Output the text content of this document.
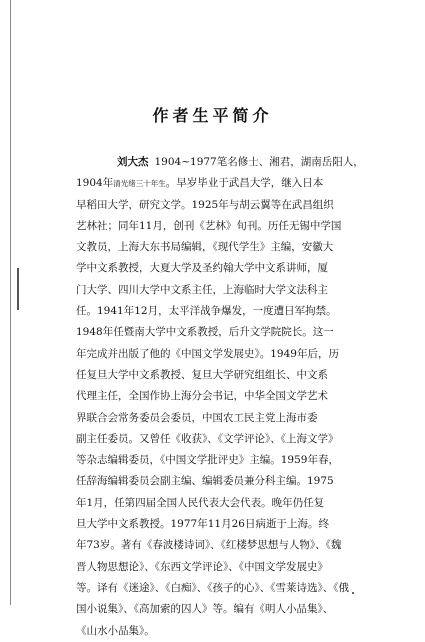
作者生平简介
刘大杰 1904~1977笔名修士、湘君，湖南岳阳人，
1904年清光绪三十年生。早岁毕业于武昌大学，继入日本
早稻田大学，研究文学。1925年与胡云翼等在武昌组织
艺林社；同年11月，创刊《艺林》旬刊。历任无锡中学国
文教员，上海大东书局编辑，《现代学生》主编，安徽大
学中文系教授，大夏大学及圣约翰大学中文系讲师，厦
门大学、四川大学中文系主任，上海临时大学文法科主
任。1941年12月，太平洋战争爆发，一度遭日军拘禁。
1948年任暨南大学中文系教授，后升文学院院长。这一
年完成并出版了他的《中国文学发展史》。1949年后，历
任复旦大学中文系教授、复旦大学研究组组长、中文系
代理主任，全国作协上海分会书记，中华全国文学艺术
界联合会常务委员会委员，中国农工民主党上海市委
副主任委员。又曾任《收获》、《文学评论》、《上海文学》
等杂志编辑委员，《中国文学批评史》主编。1959年春，
任辞海编辑委员会副主编、编辑委员兼分科主编。1975
年1月，任第四届全国人民代表大会代表。晚年仍任复
旦大学中文系教授。1977年11月26日病逝于上海。终
年73岁。著有《春波楼诗词》、《红楼梦思想与人物》、《魏
晋人物思想论》、《东西文学评论》、《中国文学发展史》
等。译有《迷途》、《白痴》、《孩子的心》、《雪莱诗选》、《俄
国小说集》、《高加索的囚人》等。编有《明人小品集》、
《山水小品集》。
